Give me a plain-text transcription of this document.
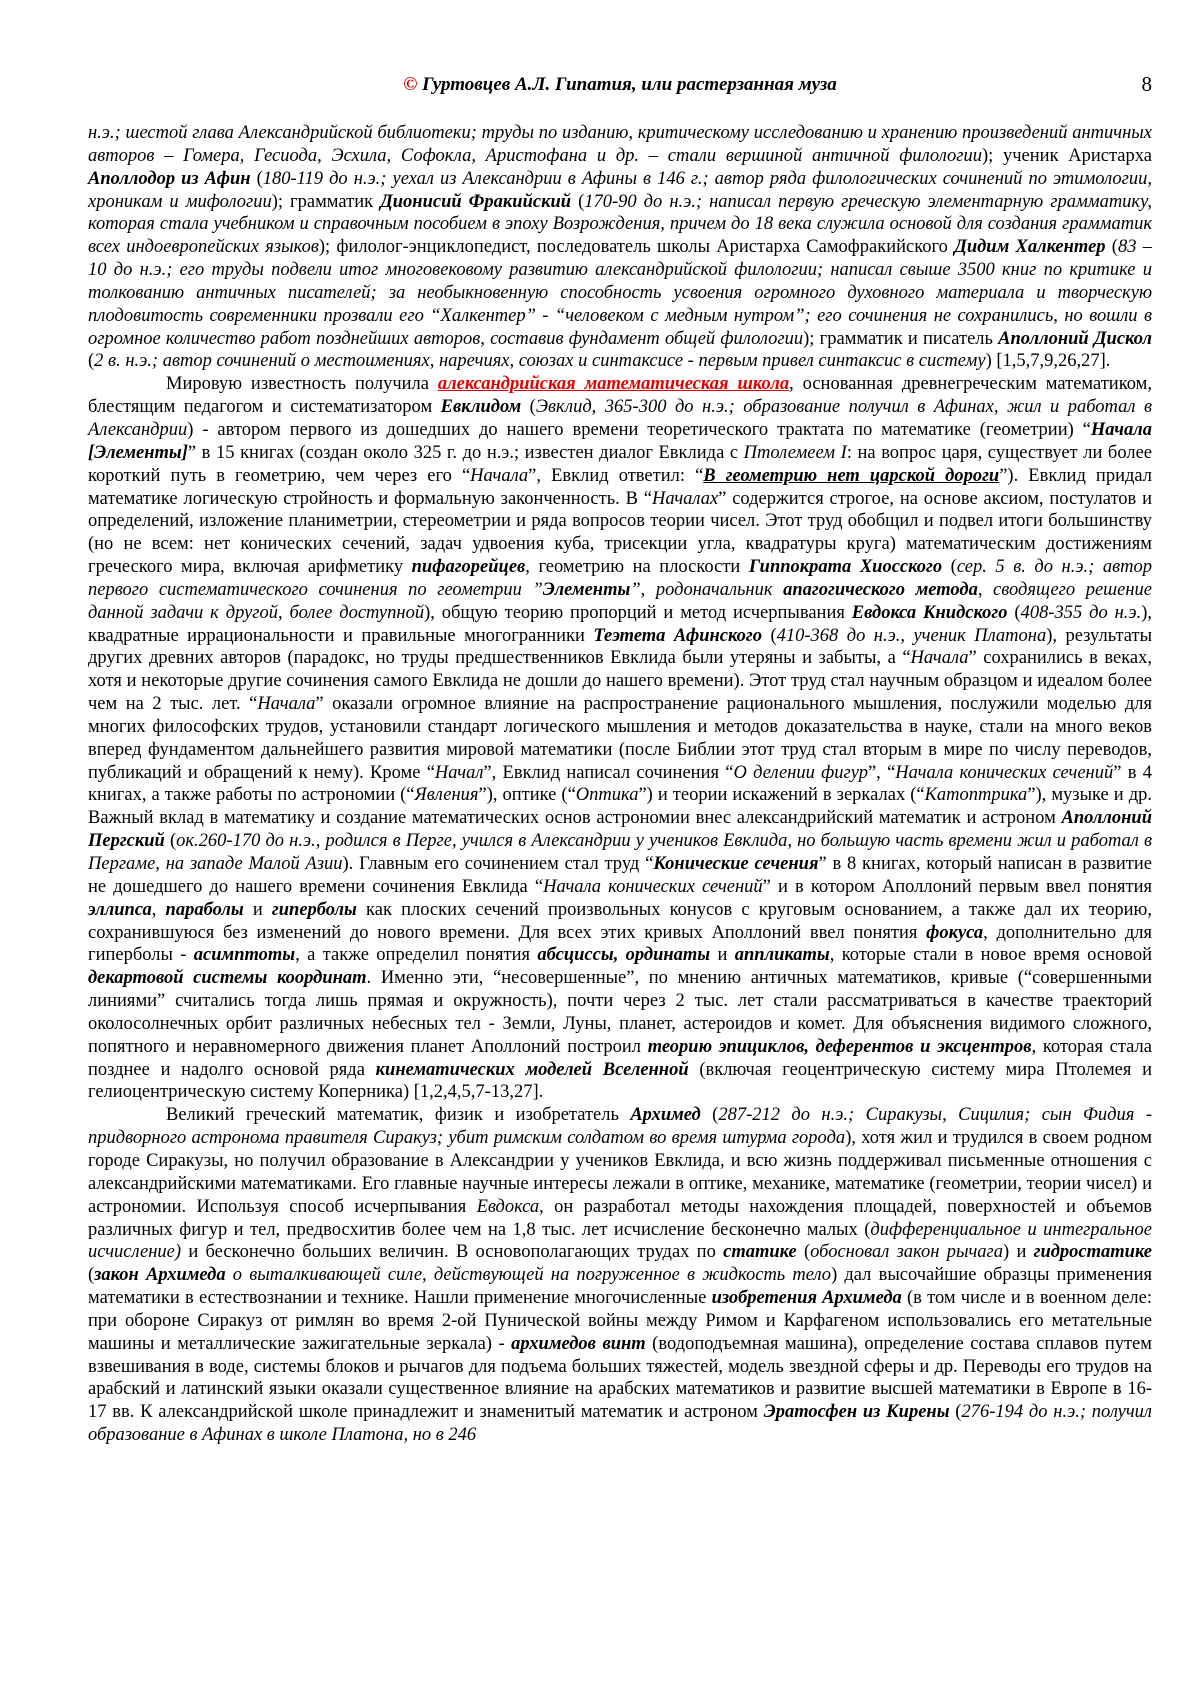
© Гуртовцев А.Л. Гипатия, или растерзанная муза	8

н.э.; шестой глава Александрийской библиотеки; труды по изданию, критическому исследованию и хранению произведений античных авторов – Гомера, Гесиода, Эсхила, Софокла, Аристофана и др. – стали вершиной античной филологии); ученик Аристарха Аполлодор из Афин (180-119 до н.э.; уехал из Александрии в Афины в 146 г.; автор ряда филологических сочинений по этимологии, хроникам и мифологии); грамматик Дионисий Фракийский (170-90 до н.э.; написал первую греческую элементарную грамматику, которая стала учебником и справочным пособием в эпоху Возрождения, причем до 18 века служила основой для создания грамматик всех индоевропейских языков); филолог-энциклопедист, последователь школы Аристарха Самофракийского Дидим Халкентер (83 – 10 до н.э.; его труды подвели итог многовековому развитию александрийской филологии; написал свыше 3500 книг по критике и толкованию античных писателей; за необыкновенную способность усвоения огромного духовного материала и творческую плодовитость современники прозвали его “Халкентер” - “человеком с медным нутром”; его сочинения не сохранились, но вошли в огромное количество работ позднейших авторов, составив фундамент общей филологии); грамматик и писатель Аполлоний Дискол (2 в. н.э.; автор сочинений о местоимениях, наречиях, союзах и синтаксисе - первым привел синтаксис в систему) [1,5,7,9,26,27].

Мировую известность получила александрийская математическая школа, основанная древнегреческим математиком, блестящим педагогом и систематизатором Евклидом (Эвклид, 365-300 до н.э.; образование получил в Афинах, жил и работал в Александрии) - автором первого из дошедших до нашего времени теоретического трактата по математике (геометрии) “Начала [Элементы]” в 15 книгах (создан около 325 г. до н.э.; известен диалог Евклида с Птолемеем I: на вопрос царя, существует ли более короткий путь в геометрию, чем через его “Начала”, Евклид ответил: “В геометрию нет царской дороги”). Евклид придал математике логическую стройность и формальную законченность. В “Началах” содержится строгое, на основе аксиом, постулатов и определений, изложение планиметрии, стереометрии и ряда вопросов теории чисел. Этот труд обобщил и подвел итоги большинству (но не всем: нет конических сечений, задач удвоения куба, трисекции угла, квадратуры круга) математическим достижениям греческого мира, включая арифметику пифагорейцев, геометрию на плоскости Гиппократа Хиосского (сер. 5 в. до н.э.; автор первого систематического сочинения по геометрии ”Элементы”, родоначальник апагогического метода, сводящего решение данной задачи к другой, более доступной), общую теорию пропорций и метод исчерпывания Евдокса Книдского (408-355 до н.э.), квадратные иррациональности и правильные многогранники Теэтета Афинского (410-368 до н.э., ученик Платона), результаты других древних авторов (парадокс, но труды предшественников Евклида были утеряны и забыты, а “Начала” сохранились в веках, хотя и некоторые другие сочинения самого Евклида не дошли до нашего времени). Этот труд стал научным образцом и идеалом более чем на 2 тыс. лет. “Начала” оказали огромное влияние на распространение рационального мышления, послужили моделью для многих философских трудов, установили стандарт логического мышления и методов доказательства в науке, стали на много веков вперед фундаментом дальнейшего развития мировой математики (после Библии этот труд стал вторым в мире по числу переводов, публикаций и обращений к нему). Кроме “Начал”, Евклид написал сочинения “О делении фигур”, “Начала конических сечений” в 4 книгах, а также работы по астрономии (“Явления”), оптике (“Оптика”) и теории искажений в зеркалах (“Катоптрика”), музыке и др. Важный вклад в математику и создание математических основ астрономии внес александрийский математик и астроном Аполлоний Пергский (ок.260-170 до н.э., родился в Перге, учился в Александрии у учеников Евклида, но большую часть времени жил и работал в Пергаме, на западе Малой Азии). Главным его сочинением стал труд “Конические сечения” в 8 книгах, который написан в развитие не дошедшего до нашего времени сочинения Евклида “Начала конических сечений” и в котором Аполлоний первым ввел понятия эллипса, параболы и гиперболы как плоских сечений произвольных конусов с круговым основанием, а также дал их теорию, сохранившуюся без изменений до нового времени. Для всех этих кривых Аполлоний ввел понятия фокуса, дополнительно для гиперболы - асимптоты, а также определил понятия абсциссы, ординаты и аппликаты, которые стали в новое время основой декартовой системы координат. Именно эти, “несовершенные”, по мнению античных математиков, кривые (“совершенными линиями” считались тогда лишь прямая и окружность), почти через 2 тыс. лет стали рассматриваться в качестве траекторий околосолнечных орбит различных небесных тел - Земли, Луны, планет, астероидов и комет. Для объяснения видимого сложного, попятного и неравномерного движения планет Аполлоний построил теорию эпициклов, деферентов и эксцентров, которая стала позднее и надолго основой ряда кинематических моделей Вселенной (включая геоцентрическую систему мира Птолемея и гелиоцентрическую систему Коперника) [1,2,4,5,7-13,27].

Великий греческий математик, физик и изобретатель Архимед (287-212 до н.э.; Сиракузы, Сицилия; сын Фидия - придворного астронома правителя Сиракуз; убит римским солдатом во время штурма города), хотя жил и трудился в своем родном городе Сиракузы, но получил образование в Александрии у учеников Евклида, и всю жизнь поддерживал письменные отношения с александрийскими математиками. Его главные научные интересы лежали в оптике, механике, математике (геометрии, теории чисел) и астрономии. Используя способ исчерпывания Евдокса, он разработал методы нахождения площадей, поверхностей и объемов различных фигур и тел, предвосхитив более чем на 1,8 тыс. лет исчисление бесконечно малых (дифференциальное и интегральное исчисление) и бесконечно больших величин. В основополагающих трудах по статике (обосновал закон рычага) и гидростатике (закон Архимеда о выталкивающей силе, действующей на погруженное в жидкость тело) дал высочайшие образцы применения математики в естествознании и технике. Нашли применение многочисленные изобретения Архимеда (в том числе и в военном деле: при обороне Сиракуз от римлян во время 2-ой Пунической войны между Римом и Карфагеном использовались его метательные машины и металлические зажигательные зеркала) - архимедов винт (водоподъемная машина), определение состава сплавов путем взвешивания в воде, системы блоков и рычагов для подъема больших тяжестей, модель звездной сферы и др. Переводы его трудов на арабский и латинский языки оказали существенное влияние на арабских математиков и развитие высшей математики в Европе в 16-17 вв. К александрийской школе принадлежит и знаменитый математик и астроном Эратосфен из Кирены (276-194 до н.э.; получил образование в Афинах в школе Платона, но в 246
